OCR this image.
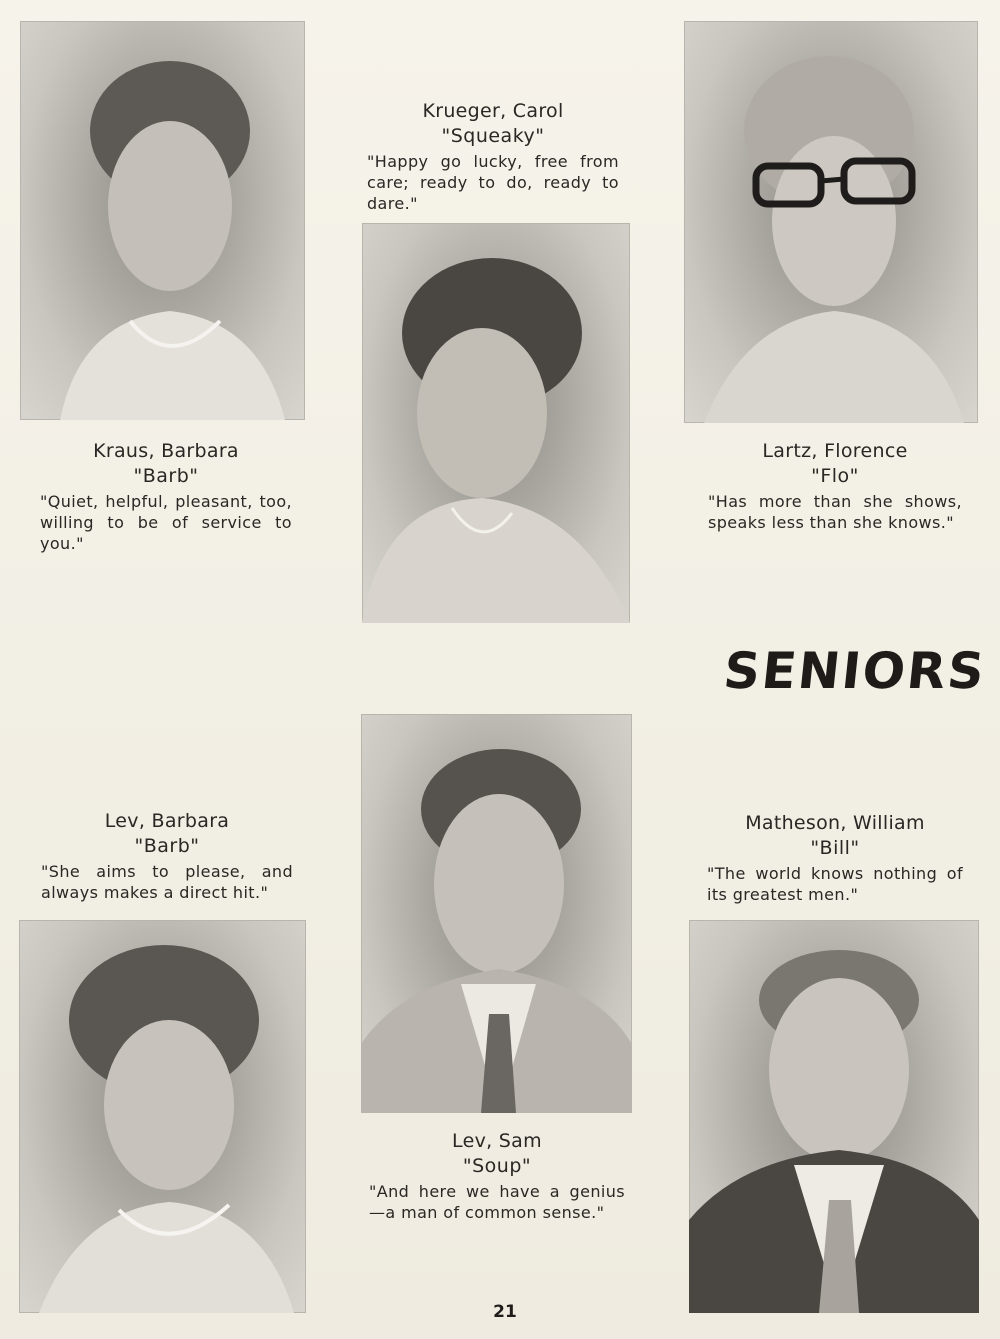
Kraus, Barbara
"Barb"
"Quiet, helpful, pleasant, too, willing to be of service to you."
Krueger, Carol
"Squeaky"
"Happy go lucky, free from care; ready to do, ready to dare."
Lartz, Florence
"Flo"
"Has more than she shows, speaks less than she knows."
Lev, Barbara
"Barb"
"She aims to please, and always makes a direct hit."
Lev, Sam
"Soup"
"And here we have a genius —a man of common sense."
Matheson, William
"Bill"
"The world knows nothing of its greatest men."
SENIORS
21
